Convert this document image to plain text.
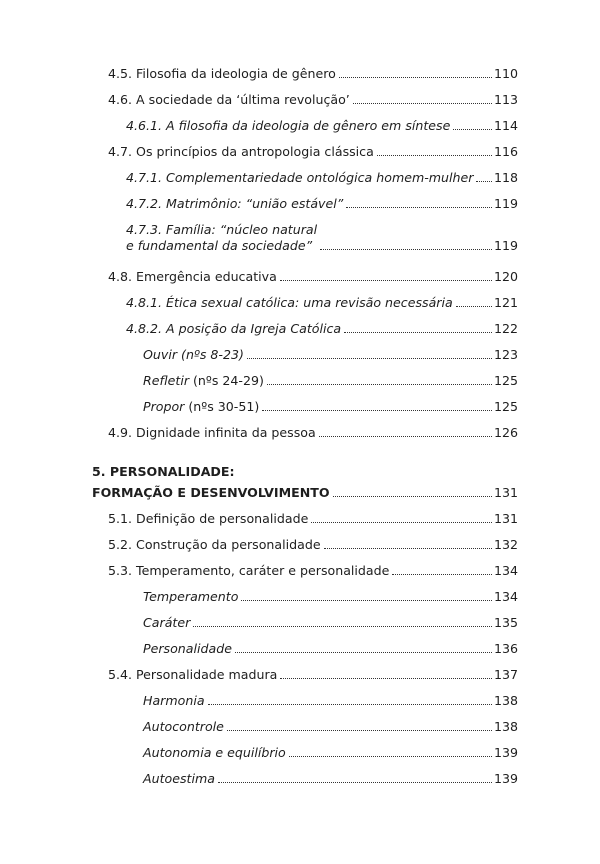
4.5. Filosofia da ideologia de gênero	110
4.6. A sociedade da ‘última revolução’	113
4.6.1. A filosofia da ideologia de gênero em síntese	114
4.7. Os princípios da antropologia clássica	116
4.7.1. Complementariedade ontológica homem-mulher 118
4.7.2. Matrimônio: “união estável”	119
4.7.3. Família: “núcleo natural
e fundamental da sociedade”	119
4.8. Emergência educativa	120
4.8.1. Ética sexual católica: uma revisão necessária	121
4.8.2. A posição da Igreja Católica	122
Ouvir (nºs 8-23)	123
Refletir (nºs 24-29)	125
Propor (nºs 30-51)	125
4.9. Dignidade infinita da pessoa	126
5. PERSONALIDADE:
FORMAÇÃO E DESENVOLVIMENTO	131
5.1. Definição de personalidade	131
5.2. Construção da personalidade	132
5.3. Temperamento, caráter e personalidade	134
Temperamento	134
Caráter	135
Personalidade	136
5.4. Personalidade madura	137
Harmonia	138
Autocontrole	138
Autonomia e equilíbrio	139
Autoestima	139
